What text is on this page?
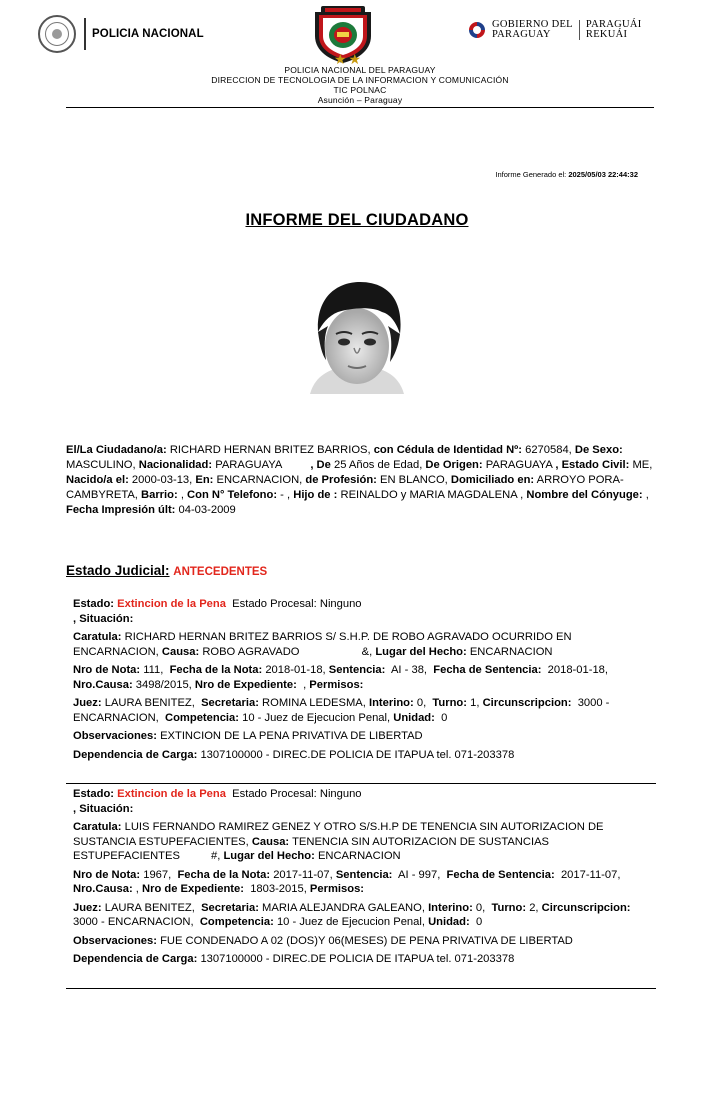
POLICIA NACIONAL
★★
GOBIERNO DEL
PARAGUAY
PARAGUÁI
REKUÁI
POLICIA NACIONAL DEL PARAGUAY
DIRECCION DE TECNOLOGIA DE LA INFORMACION Y COMUNICACIÓN
TIC POLNAC
Asunción – Paraguay
Informe Generado el: 2025/05/03 22:44:32
INFORME DEL CIUDADANO
El/La Ciudadano/a: RICHARD HERNAN BRITEZ BARRIOS, con Cédula de Identidad Nº: 6270584, De Sexo: MASCULINO, Nacionalidad: PARAGUAYA , De 25 Años de Edad, De Origen: PARAGUAYA , Estado Civil: ME, Nacido/a el: 2000-03-13, En: ENCARNACION, de Profesión: EN BLANCO, Domiciliado en: ARROYO PORA-CAMBYRETA, Barrio: , Con N° Telefono: - , Hijo de : REINALDO y MARIA MAGDALENA , Nombre del Cónyuge: , Fecha Impresión últ: 04-03-2009
Estado Judicial: ANTECEDENTES

Estado: Extincion de la Pena Estado Procesal: Ninguno
, Situación:

Caratula: RICHARD HERNAN BRITEZ BARRIOS S/ S.H.P. DE ROBO AGRAVADO OCURRIDO EN ENCARNACION, Causa: ROBO AGRAVADO                    &, Lugar del Hecho: ENCARNACION

Nro de Nota: 111, Fecha de la Nota: 2018-01-18, Sentencia: AI - 38, Fecha de Sentencia: 2018-01-18, Nro.Causa: 3498/2015, Nro de Expediente: , Permisos:

Juez: LAURA BENITEZ, Secretaria: ROMINA LEDESMA, Interino: 0, Turno: 1, Circunscripcion: 3000 - ENCARNACION, Competencia: 10 - Juez de Ejecucion Penal, Unidad: 0

Observaciones: EXTINCION DE LA PENA PRIVATIVA DE LIBERTAD

Dependencia de Carga: 1307100000 - DIREC.DE POLICIA DE ITAPUA tel. 071-203378

Estado: Extincion de la Pena Estado Procesal: Ninguno
, Situación:

Caratula: LUIS FERNANDO RAMIREZ GENEZ Y OTRO S/S.H.P DE TENENCIA SIN AUTORIZACION DE SUSTANCIA ESTUPEFACIENTES, Causa: TENENCIA SIN AUTORIZACION DE SUSTANCIAS ESTUPEFACIENTES          #, Lugar del Hecho: ENCARNACION

Nro de Nota: 1967, Fecha de la Nota: 2017-11-07, Sentencia: AI - 997, Fecha de Sentencia: 2017-11-07, Nro.Causa: , Nro de Expediente: 1803-2015, Permisos:

Juez: LAURA BENITEZ, Secretaria: MARIA ALEJANDRA GALEANO, Interino: 0, Turno: 2, Circunscripcion:  3000 - ENCARNACION, Competencia: 10 - Juez de Ejecucion Penal, Unidad: 0

Observaciones: FUE CONDENADO A 02 (DOS)Y 06(MESES) DE PENA PRIVATIVA DE LIBERTAD

Dependencia de Carga: 1307100000 - DIREC.DE POLICIA DE ITAPUA tel. 071-203378
